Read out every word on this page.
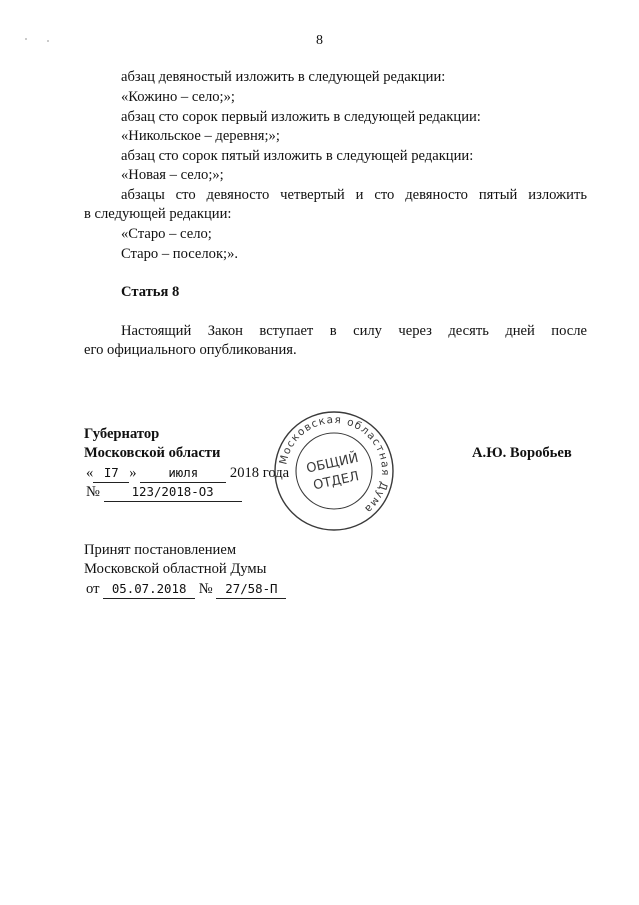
8
абзац девяностый изложить в следующей редакции:
«Кожино – село;»;
абзац сто сорок первый изложить в следующей редакции:
«Никольское – деревня;»;
абзац сто сорок пятый изложить в следующей редакции:
«Новая – село;»;
абзацы сто девяносто четвертый и сто девяносто пятый изложить
в следующей редакции:
«Старо – село;
Старо – поселок;».
Статья 8
Настоящий Закон вступает в силу через десять дней после
его официального опубликования.
Губернатор
Московской области	А.Ю. Воробьев
« I7 »	июля 2018 года
№	123/2018-ОЗ
Принят постановлением
Московской областной Думы
от 05.07.2018 № 27/58-П
Московская областная Дума
ОБЩИЙ
ОТДЕЛ
